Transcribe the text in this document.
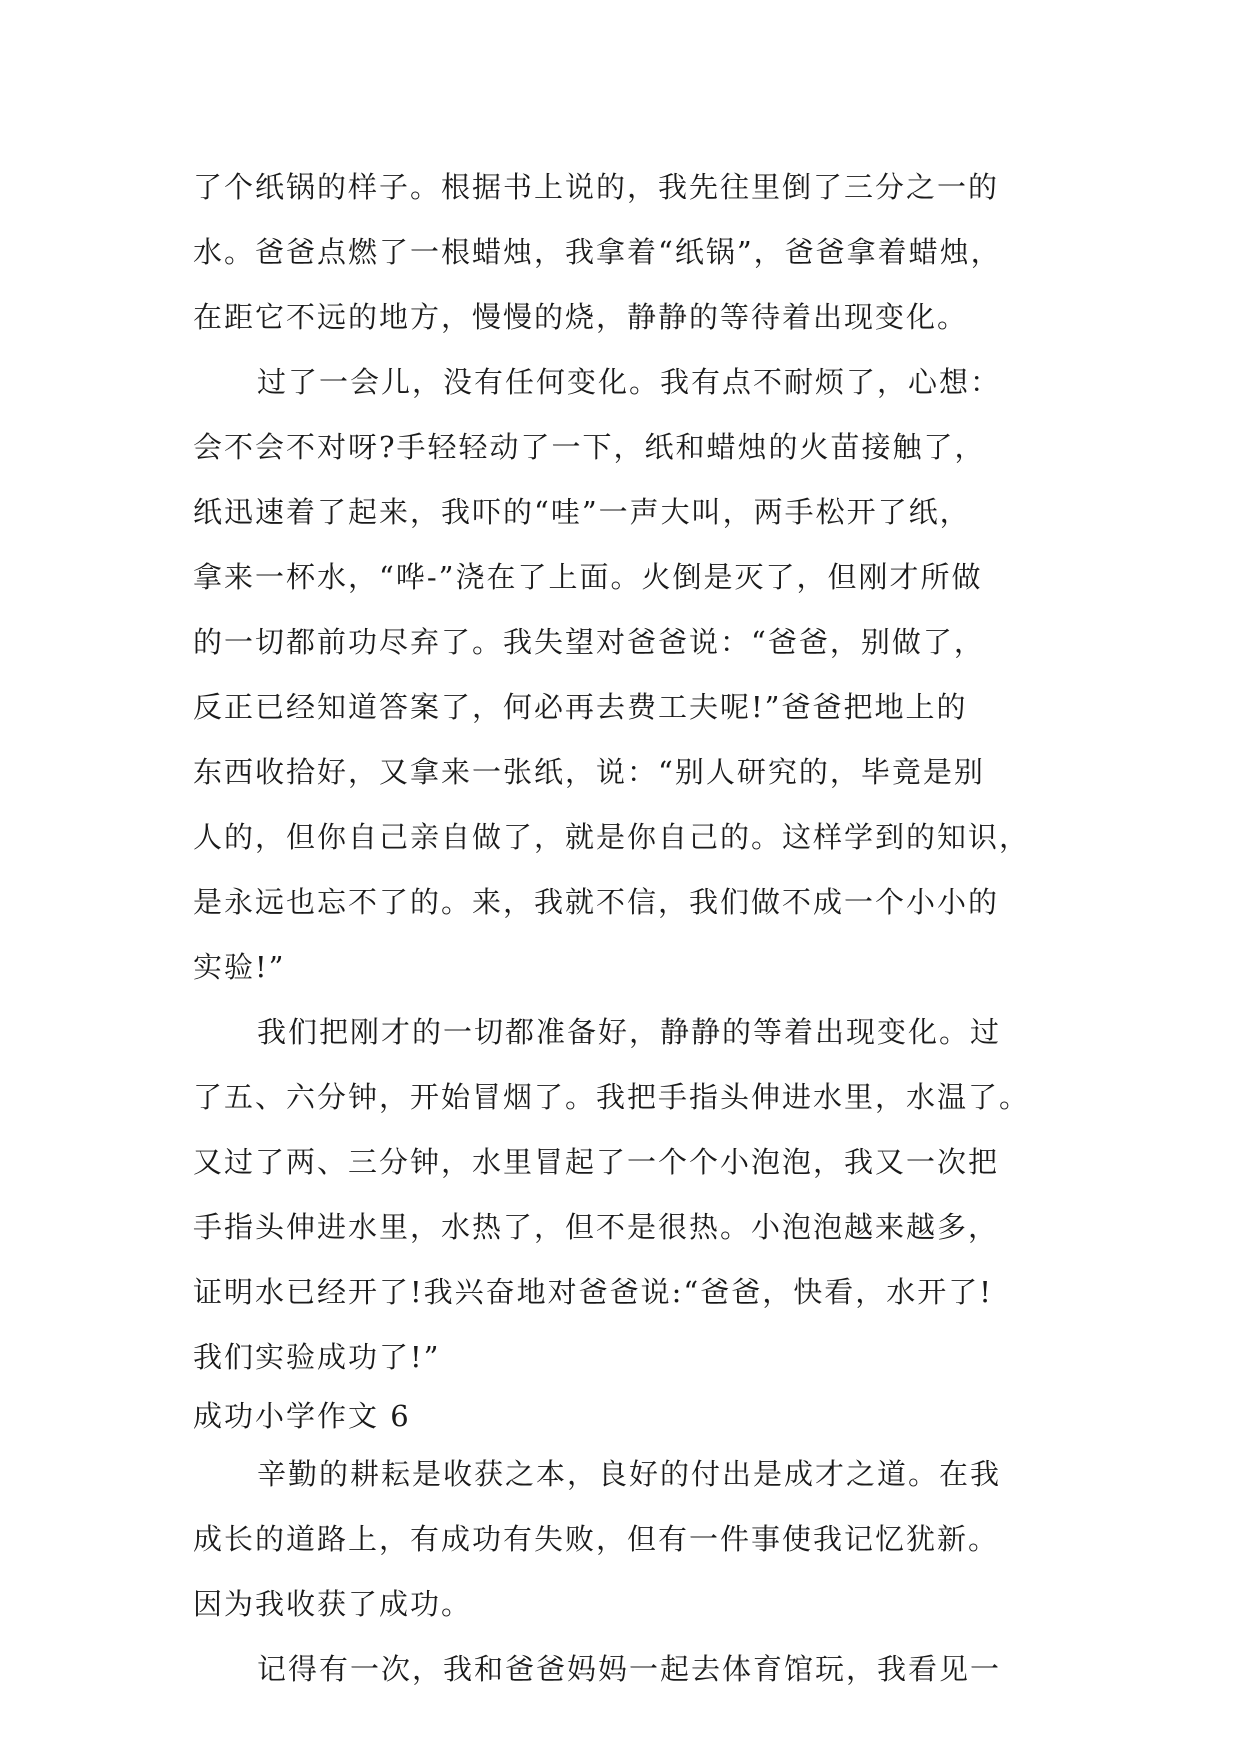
了个纸锅的样子。根据书上说的，我先往里倒了三分之一的
水。爸爸点燃了一根蜡烛，我拿着“纸锅”，爸爸拿着蜡烛，
在距它不远的地方，慢慢的烧，静静的等待着出现变化。
过了一会儿，没有任何变化。我有点不耐烦了，心想：
会不会不对呀?手轻轻动了一下，纸和蜡烛的火苗接触了，
纸迅速着了起来，我吓的“哇”一声大叫，两手松开了纸，
拿来一杯水，“哗-”浇在了上面。火倒是灭了，但刚才所做
的一切都前功尽弃了。我失望对爸爸说：“爸爸，别做了，
反正已经知道答案了，何必再去费工夫呢!”爸爸把地上的
东西收拾好，又拿来一张纸，说：“别人研究的，毕竟是别
人的，但你自己亲自做了，就是你自己的。这样学到的知识，
是永远也忘不了的。来，我就不信，我们做不成一个小小的
实验!”
我们把刚才的一切都准备好，静静的等着出现变化。过
了五、六分钟，开始冒烟了。我把手指头伸进水里，水温了。
又过了两、三分钟，水里冒起了一个个小泡泡，我又一次把
手指头伸进水里，水热了，但不是很热。小泡泡越来越多，
证明水已经开了!我兴奋地对爸爸说:“爸爸，快看，水开了!
我们实验成功了!”
成功小学作文 6
辛勤的耕耘是收获之本，良好的付出是成才之道。在我
成长的道路上，有成功有失败，但有一件事使我记忆犹新。
因为我收获了成功。
记得有一次，我和爸爸妈妈一起去体育馆玩，我看见一
